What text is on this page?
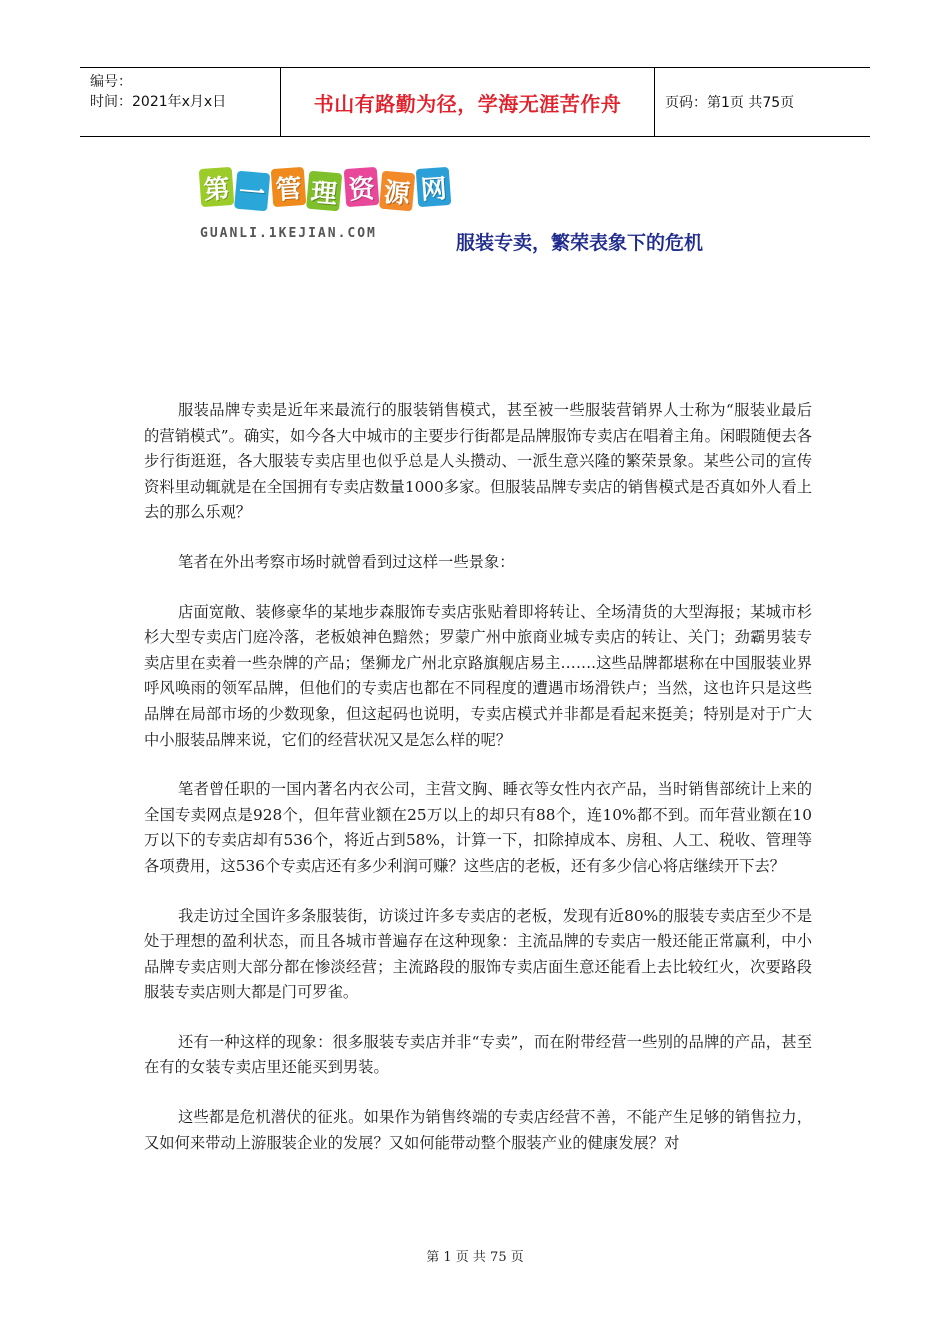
编号：
时间：2021年x月x日	书山有路勤为径，学海无涯苦作舟	页码：第1页 共75页
第 一 管 理 资 源 网
GUANLI.1KEJIAN.COM	服装专卖，繁荣表象下的危机

服装品牌专卖是近年来最流行的服装销售模式，甚至被一些服装营销界人士称为“服装业最后的营销模式”。确实，如今各大中城市的主要步行街都是品牌服饰专卖店在唱着主角。闲暇随便去各步行街逛逛，各大服装专卖店里也似乎总是人头攒动、一派生意兴隆的繁荣景象。某些公司的宣传资料里动辄就是在全国拥有专卖店数量1000多家。但服装品牌专卖店的销售模式是否真如外人看上去的那么乐观？

笔者在外出考察市场时就曾看到过这样一些景象：

店面宽敞、装修豪华的某地步森服饰专卖店张贴着即将转让、全场清货的大型海报；某城市杉杉大型专卖店门庭冷落，老板娘神色黯然；罗蒙广州中旅商业城专卖店的转让、关门；劲霸男装专卖店里在卖着一些杂牌的产品；堡狮龙广州北京路旗舰店易主…….这些品牌都堪称在中国服装业界呼风唤雨的领军品牌，但他们的专卖店也都在不同程度的遭遇市场滑铁卢；当然，这也许只是这些品牌在局部市场的少数现象，但这起码也说明，专卖店模式并非都是看起来挺美；特别是对于广大中小服装品牌来说，它们的经营状况又是怎么样的呢？

笔者曾任职的一国内著名内衣公司，主营文胸、睡衣等女性内衣产品，当时销售部统计上来的全国专卖网点是928个，但年营业额在25万以上的却只有88个，连10%都不到。而年营业额在10万以下的专卖店却有536个，将近占到58%，计算一下，扣除掉成本、房租、人工、税收、管理等各项费用，这536个专卖店还有多少利润可赚？这些店的老板，还有多少信心将店继续开下去？

我走访过全国许多条服装街，访谈过许多专卖店的老板，发现有近80%的服装专卖店至少不是处于理想的盈利状态，而且各城市普遍存在这种现象：主流品牌的专卖店一般还能正常赢利，中小品牌专卖店则大部分都在惨淡经营；主流路段的服饰专卖店面生意还能看上去比较红火，次要路段服装专卖店则大都是门可罗雀。

还有一种这样的现象：很多服装专卖店并非“专卖”，而在附带经营一些别的品牌的产品，甚至在有的女装专卖店里还能买到男装。

这些都是危机潜伏的征兆。如果作为销售终端的专卖店经营不善，不能产生足够的销售拉力，又如何来带动上游服装企业的发展？又如何能带动整个服装产业的健康发展？对

第 1 页 共 75 页
